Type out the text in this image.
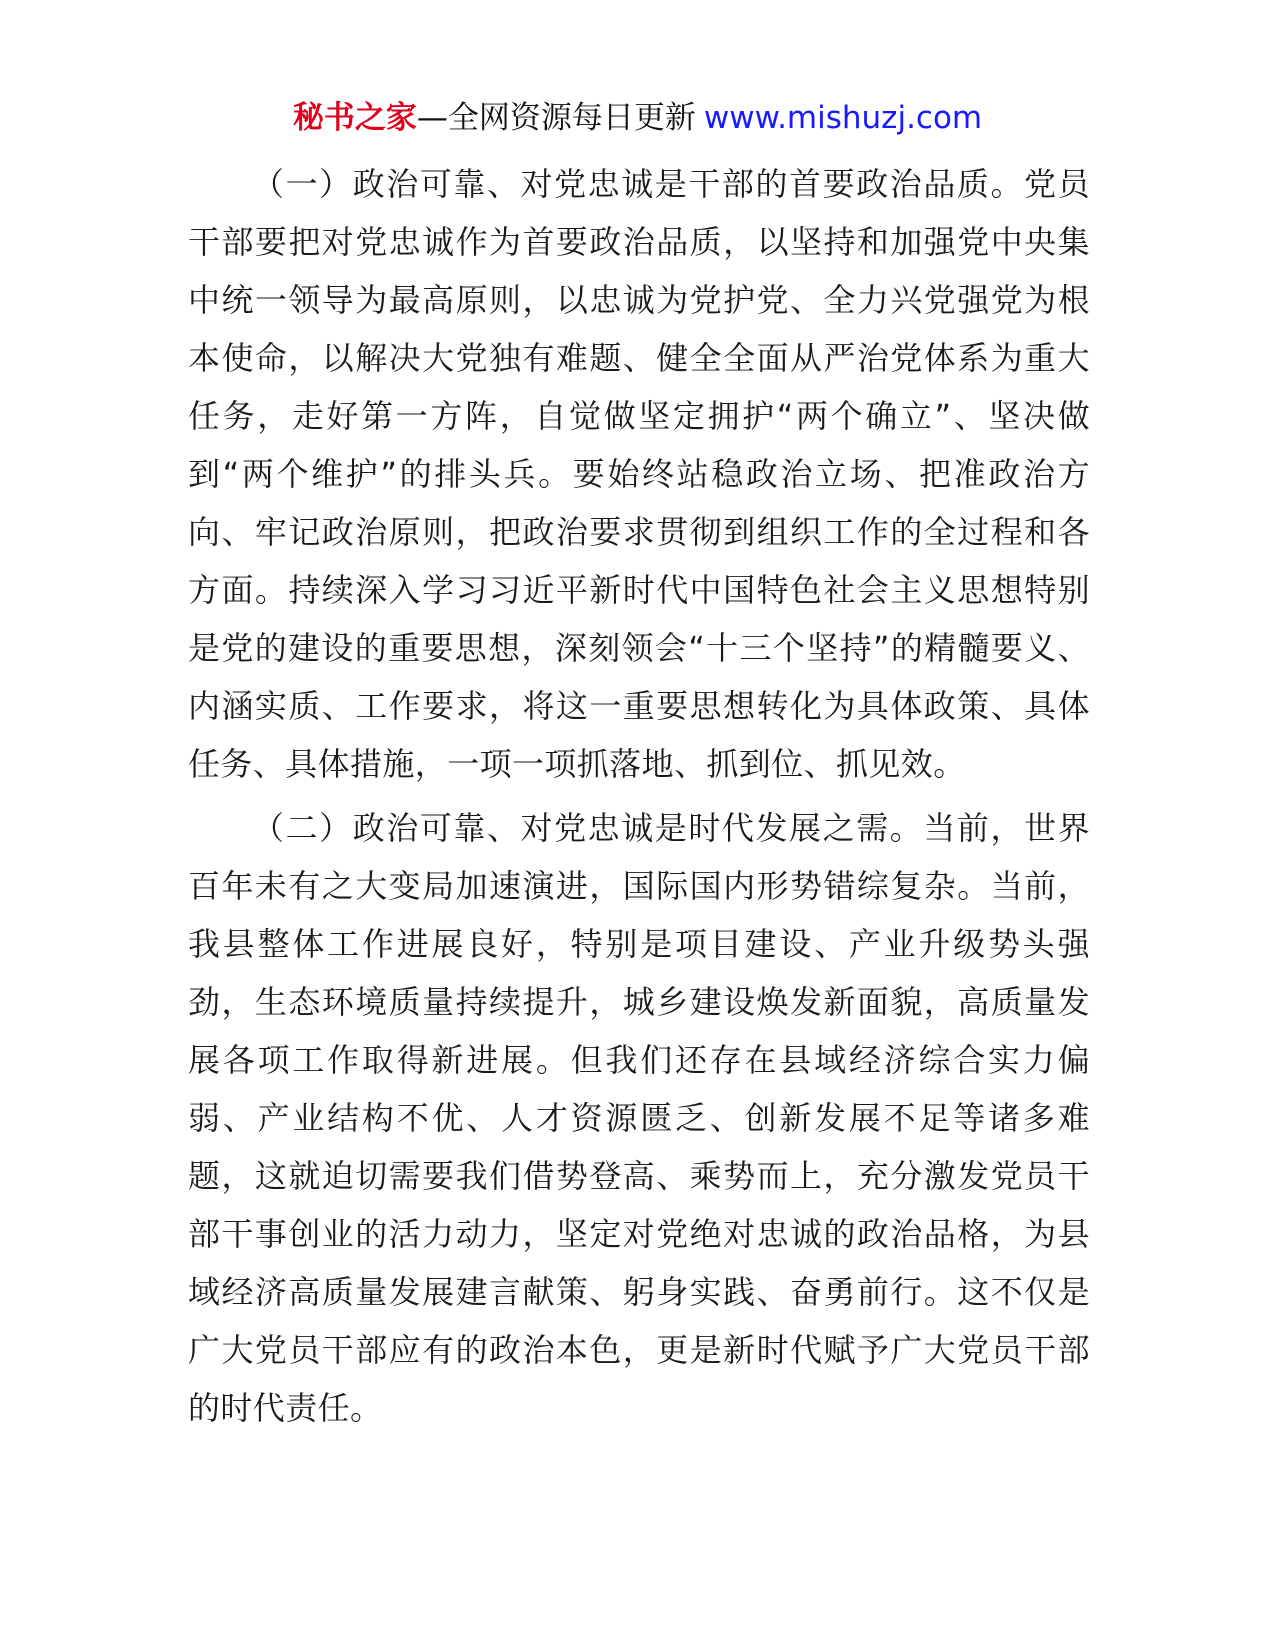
秘书之家—全网资源每日更新 www.mishuzj.com

（一）政治可靠、对党忠诚是干部的首要政治品质。党员干部要把对党忠诚作为首要政治品质，以坚持和加强党中央集中统一领导为最高原则，以忠诚为党护党、全力兴党强党为根本使命，以解决大党独有难题、健全全面从严治党体系为重大任务，走好第一方阵，自觉做坚定拥护“两个确立”、坚决做到“两个维护”的排头兵。要始终站稳政治立场、把准政治方向、牢记政治原则，把政治要求贯彻到组织工作的全过程和各方面。持续深入学习习近平新时代中国特色社会主义思想特别是党的建设的重要思想，深刻领会“十三个坚持”的精髓要义、内涵实质、工作要求，将这一重要思想转化为具体政策、具体任务、具体措施，一项一项抓落地、抓到位、抓见效。

（二）政治可靠、对党忠诚是时代发展之需。当前，世界百年未有之大变局加速演进，国际国内形势错综复杂。当前，我县整体工作进展良好，特别是项目建设、产业升级势头强劲，生态环境质量持续提升，城乡建设焕发新面貌，高质量发展各项工作取得新进展。但我们还存在县域经济综合实力偏弱、产业结构不优、人才资源匮乏、创新发展不足等诸多难题，这就迫切需要我们借势登高、乘势而上，充分激发党员干部干事创业的活力动力，坚定对党绝对忠诚的政治品格，为县域经济高质量发展建言献策、躬身实践、奋勇前行。这不仅是广大党员干部应有的政治本色，更是新时代赋予广大党员干部的时代责任。
